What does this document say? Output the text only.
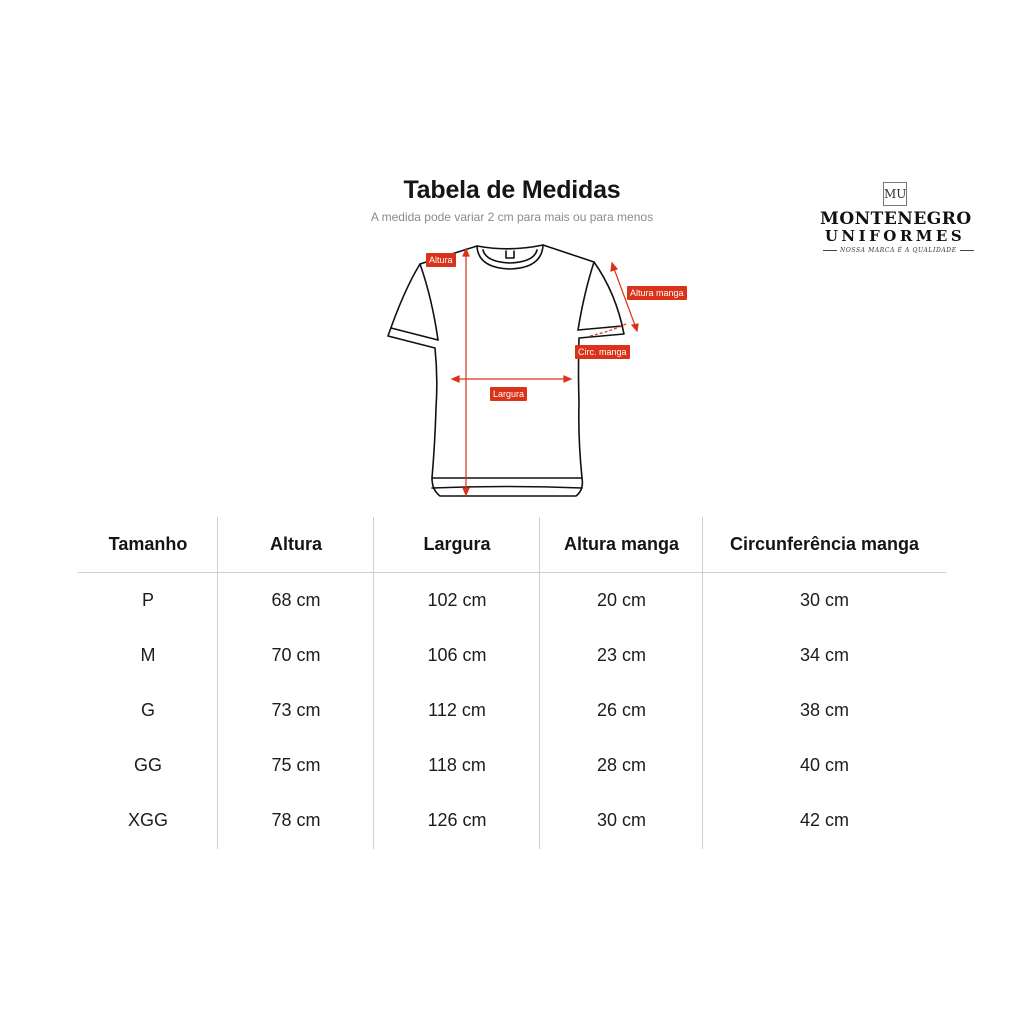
Tabela de Medidas
A medida pode variar 2 cm para mais ou para menos
MU
MONTENEGRO
UNIFORMES
NOSSA MARCA É A QUALIDADE
Altura
Largura
Altura manga
Circ. manga
Tamanho	Altura	Largura	Altura manga	Circunferência manga
P	68 cm	102 cm	20 cm	30 cm
M	70 cm	106 cm	23 cm	34 cm
G	73 cm	112 cm	26 cm	38 cm
GG	75 cm	118 cm	28 cm	40 cm
XGG	78 cm	126 cm	30 cm	42 cm
